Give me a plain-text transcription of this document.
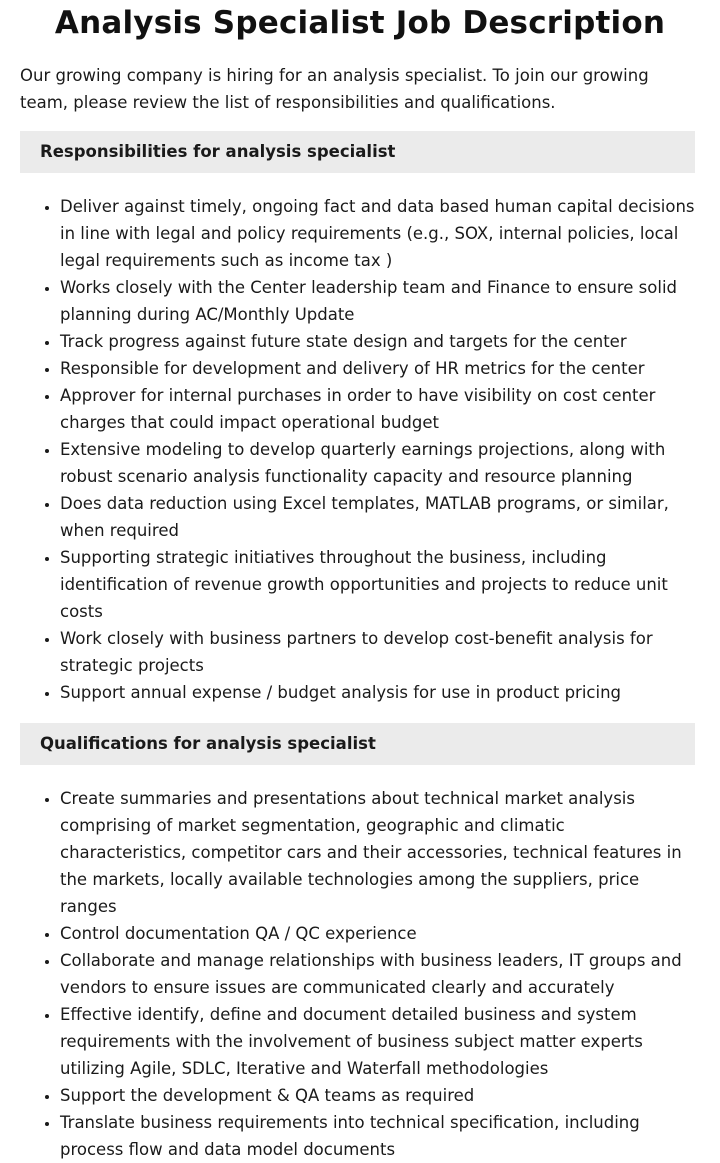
Analysis Specialist Job Description

Our growing company is hiring for an analysis specialist. To join our growing team, please review the list of responsibilities and qualifications.

Responsibilities for analysis specialist
• Deliver against timely, ongoing fact and data based human capital decisions in line with legal and policy requirements (e.g., SOX, internal policies, local legal requirements such as income tax )
• Works closely with the Center leadership team and Finance to ensure solid planning during AC/Monthly Update
• Track progress against future state design and targets for the center
• Responsible for development and delivery of HR metrics for the center
• Approver for internal purchases in order to have visibility on cost center charges that could impact operational budget
• Extensive modeling to develop quarterly earnings projections, along with robust scenario analysis functionality capacity and resource planning
• Does data reduction using Excel templates, MATLAB programs, or similar, when required
• Supporting strategic initiatives throughout the business, including identification of revenue growth opportunities and projects to reduce unit costs
• Work closely with business partners to develop cost-benefit analysis for strategic projects
• Support annual expense / budget analysis for use in product pricing
Qualifications for analysis specialist
• Create summaries and presentations about technical market analysis comprising of market segmentation, geographic and climatic characteristics, competitor cars and their accessories, technical features in the markets, locally available technologies among the suppliers, price ranges
• Control documentation QA / QC experience
• Collaborate and manage relationships with business leaders, IT groups and vendors to ensure issues are communicated clearly and accurately
• Effective identify, define and document detailed business and system requirements with the involvement of business subject matter experts utilizing Agile, SDLC, Iterative and Waterfall methodologies
• Support the development & QA teams as required
• Translate business requirements into technical specification, including process flow and data model documents
